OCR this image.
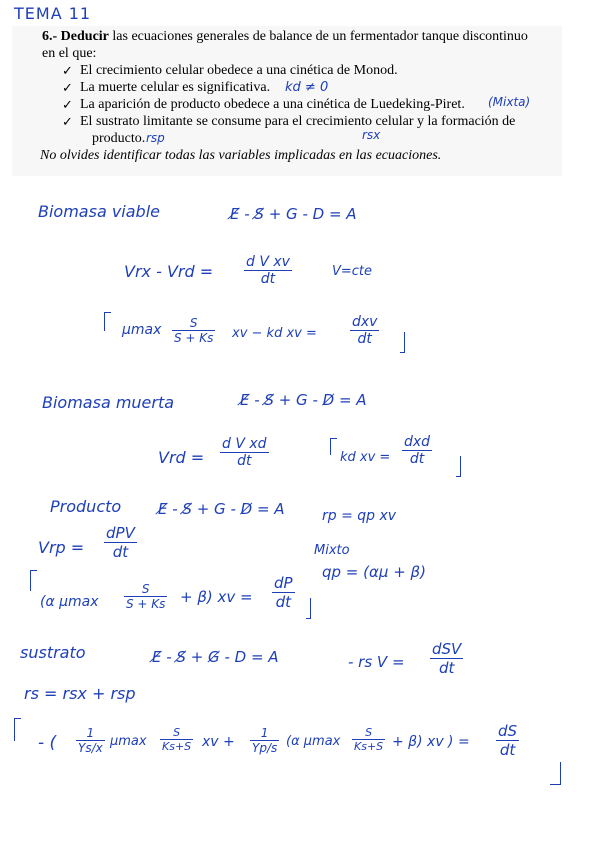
TEMA 11
6.- Deducir las ecuaciones generales de balance de un fermentador tanque discontinuo
en el que:
✓ El crecimiento celular obedece a una cinética de Monod.
✓ La muerte celular es significativa.
✓ La aparición de producto obedece a una cinética de Luedeking-Piret.
✓ El sustrato limitante se consume para el crecimiento celular y la formación de
producto.
No olvides identificar todas las variables implicadas en las ecuaciones.
kd ≠ 0
(Mixta)
rsp	rsx
Biomasa viable	E̸ - S̸ + G - D = A
Vrx - Vrd = $\frac{\text{d V xv}}{dt}$	V=cte
μmax $\frac{S}{S + Ks}$ xv − kd xv =
dxv
dt
Biomasa muerta	E̸ - S̸ + G - D̸ = A
Vrd = $\frac{\text{d V xd}}{dt}$	kd xv =
dxd
dt
Producto E̸ - S̸ + G - D̸ = A	rp = qp xv
Vrp =
dPV
dt	Mixto
qp = (αμ + β)
(α μmax $\frac{S}{S + Ks} + \beta$) xv = $\frac{dP}{dt}$
sustrato	E̸ - S̸ + G̸ - D = A	- rs V =
dSV
dt
rs = rsx + rsp
- ( $\frac{1}{Ys/x}$ μmax $\frac{S}{Ks+S}$ xv + $\frac{1}{Yp/s} (\alpha$ μmax $\frac{S}{Ks+S} + \beta$) xv ) = $\frac{dS}{dt}$
